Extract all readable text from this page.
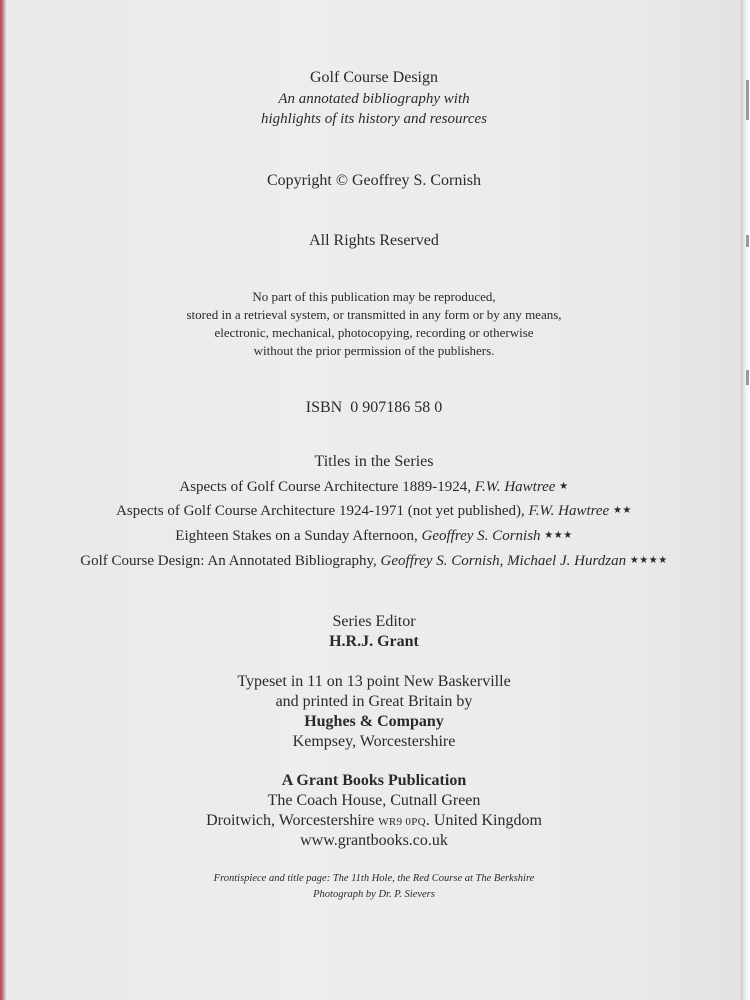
Golf Course Design
An annotated bibliography with
highlights of its history and resources
Copyright © Geoffrey S. Cornish
All Rights Reserved
No part of this publication may be reproduced,
stored in a retrieval system, or transmitted in any form or by any means,
electronic, mechanical, photocopying, recording or otherwise
without the prior permission of the publishers.
ISBN  0 907186 58 0
Titles in the Series
Aspects of Golf Course Architecture 1889-1924, F.W. Hawtree ★
Aspects of Golf Course Architecture 1924-1971 (not yet published), F.W. Hawtree ★★
Eighteen Stakes on a Sunday Afternoon, Geoffrey S. Cornish ★★★
Golf Course Design: An Annotated Bibliography, Geoffrey S. Cornish, Michael J. Hurdzan ★★★★
Series Editor
H.R.J. Grant
Typeset in 11 on 13 point New Baskerville
and printed in Great Britain by
Hughes & Company
Kempsey, Worcestershire
A Grant Books Publication
The Coach House, Cutnall Green
Droitwich, Worcestershire WR9 0PQ. United Kingdom
www.grantbooks.co.uk
Frontispiece and title page: The 11th Hole, the Red Course at The Berkshire
Photograph by Dr. P. Sievers
